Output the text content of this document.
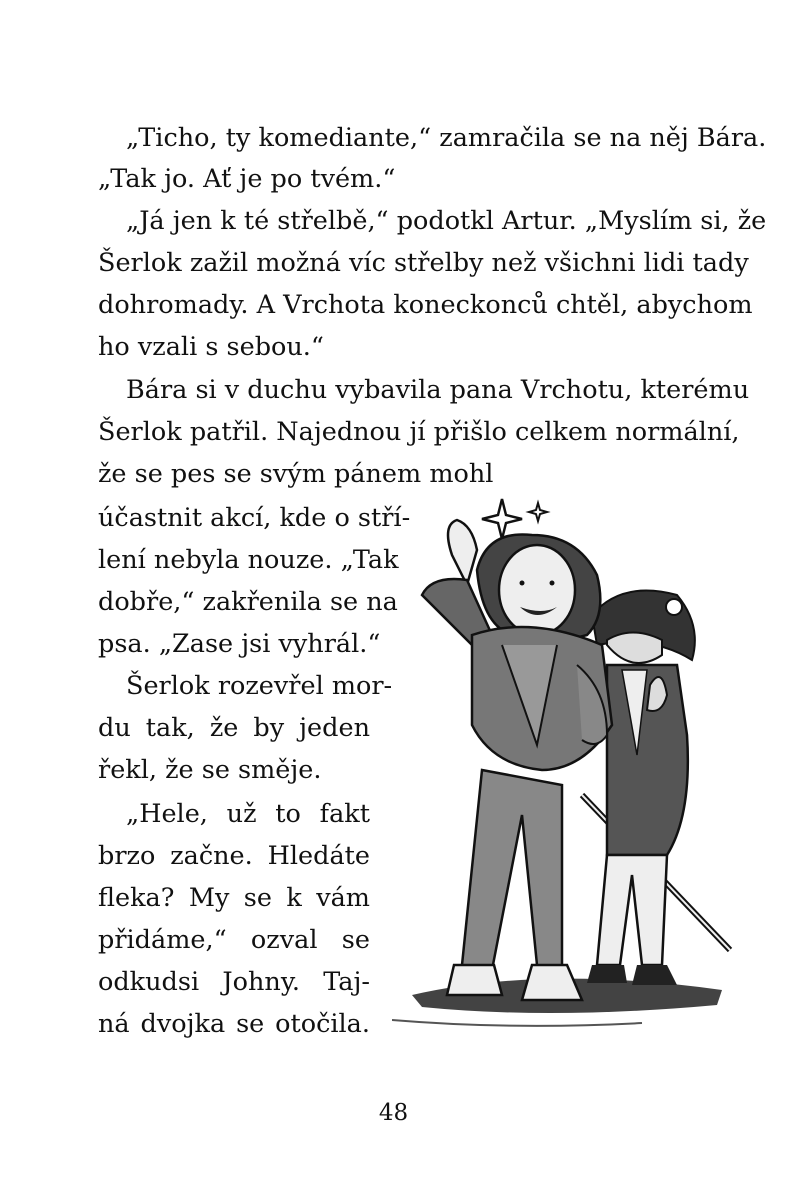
„Ticho, ty komediante,“ zamračila se na něj Bára.
„Tak jo. Ať je po tvém.“
„Já jen k té střelbě,“ podotkl Artur. „Myslím si, že
Šerlok zažil možná víc střelby než všichni lidi tady
dohromady. A Vrchota koneckonců chtěl, abychom
ho vzali s sebou.“
Bára si v duchu vybavila pana Vrchotu, kterému
Šerlok patřil. Najednou jí přišlo celkem normální,
že se pes se svým pánem mohl
účastnit akcí, kde o stří-
lení nebyla nouze. „Tak
dobře,“ zakřenila se na
psa. „Zase jsi vyhrál.“
Šerlok rozevřel mor-
du tak, že by jeden
řekl, že se směje.
„Hele, už to fakt
brzo začne. Hledáte
fleka? My se k vám
přidáme,“ ozval se
odkudsi Johny. Taj-
ná dvojka se otočila.
48
